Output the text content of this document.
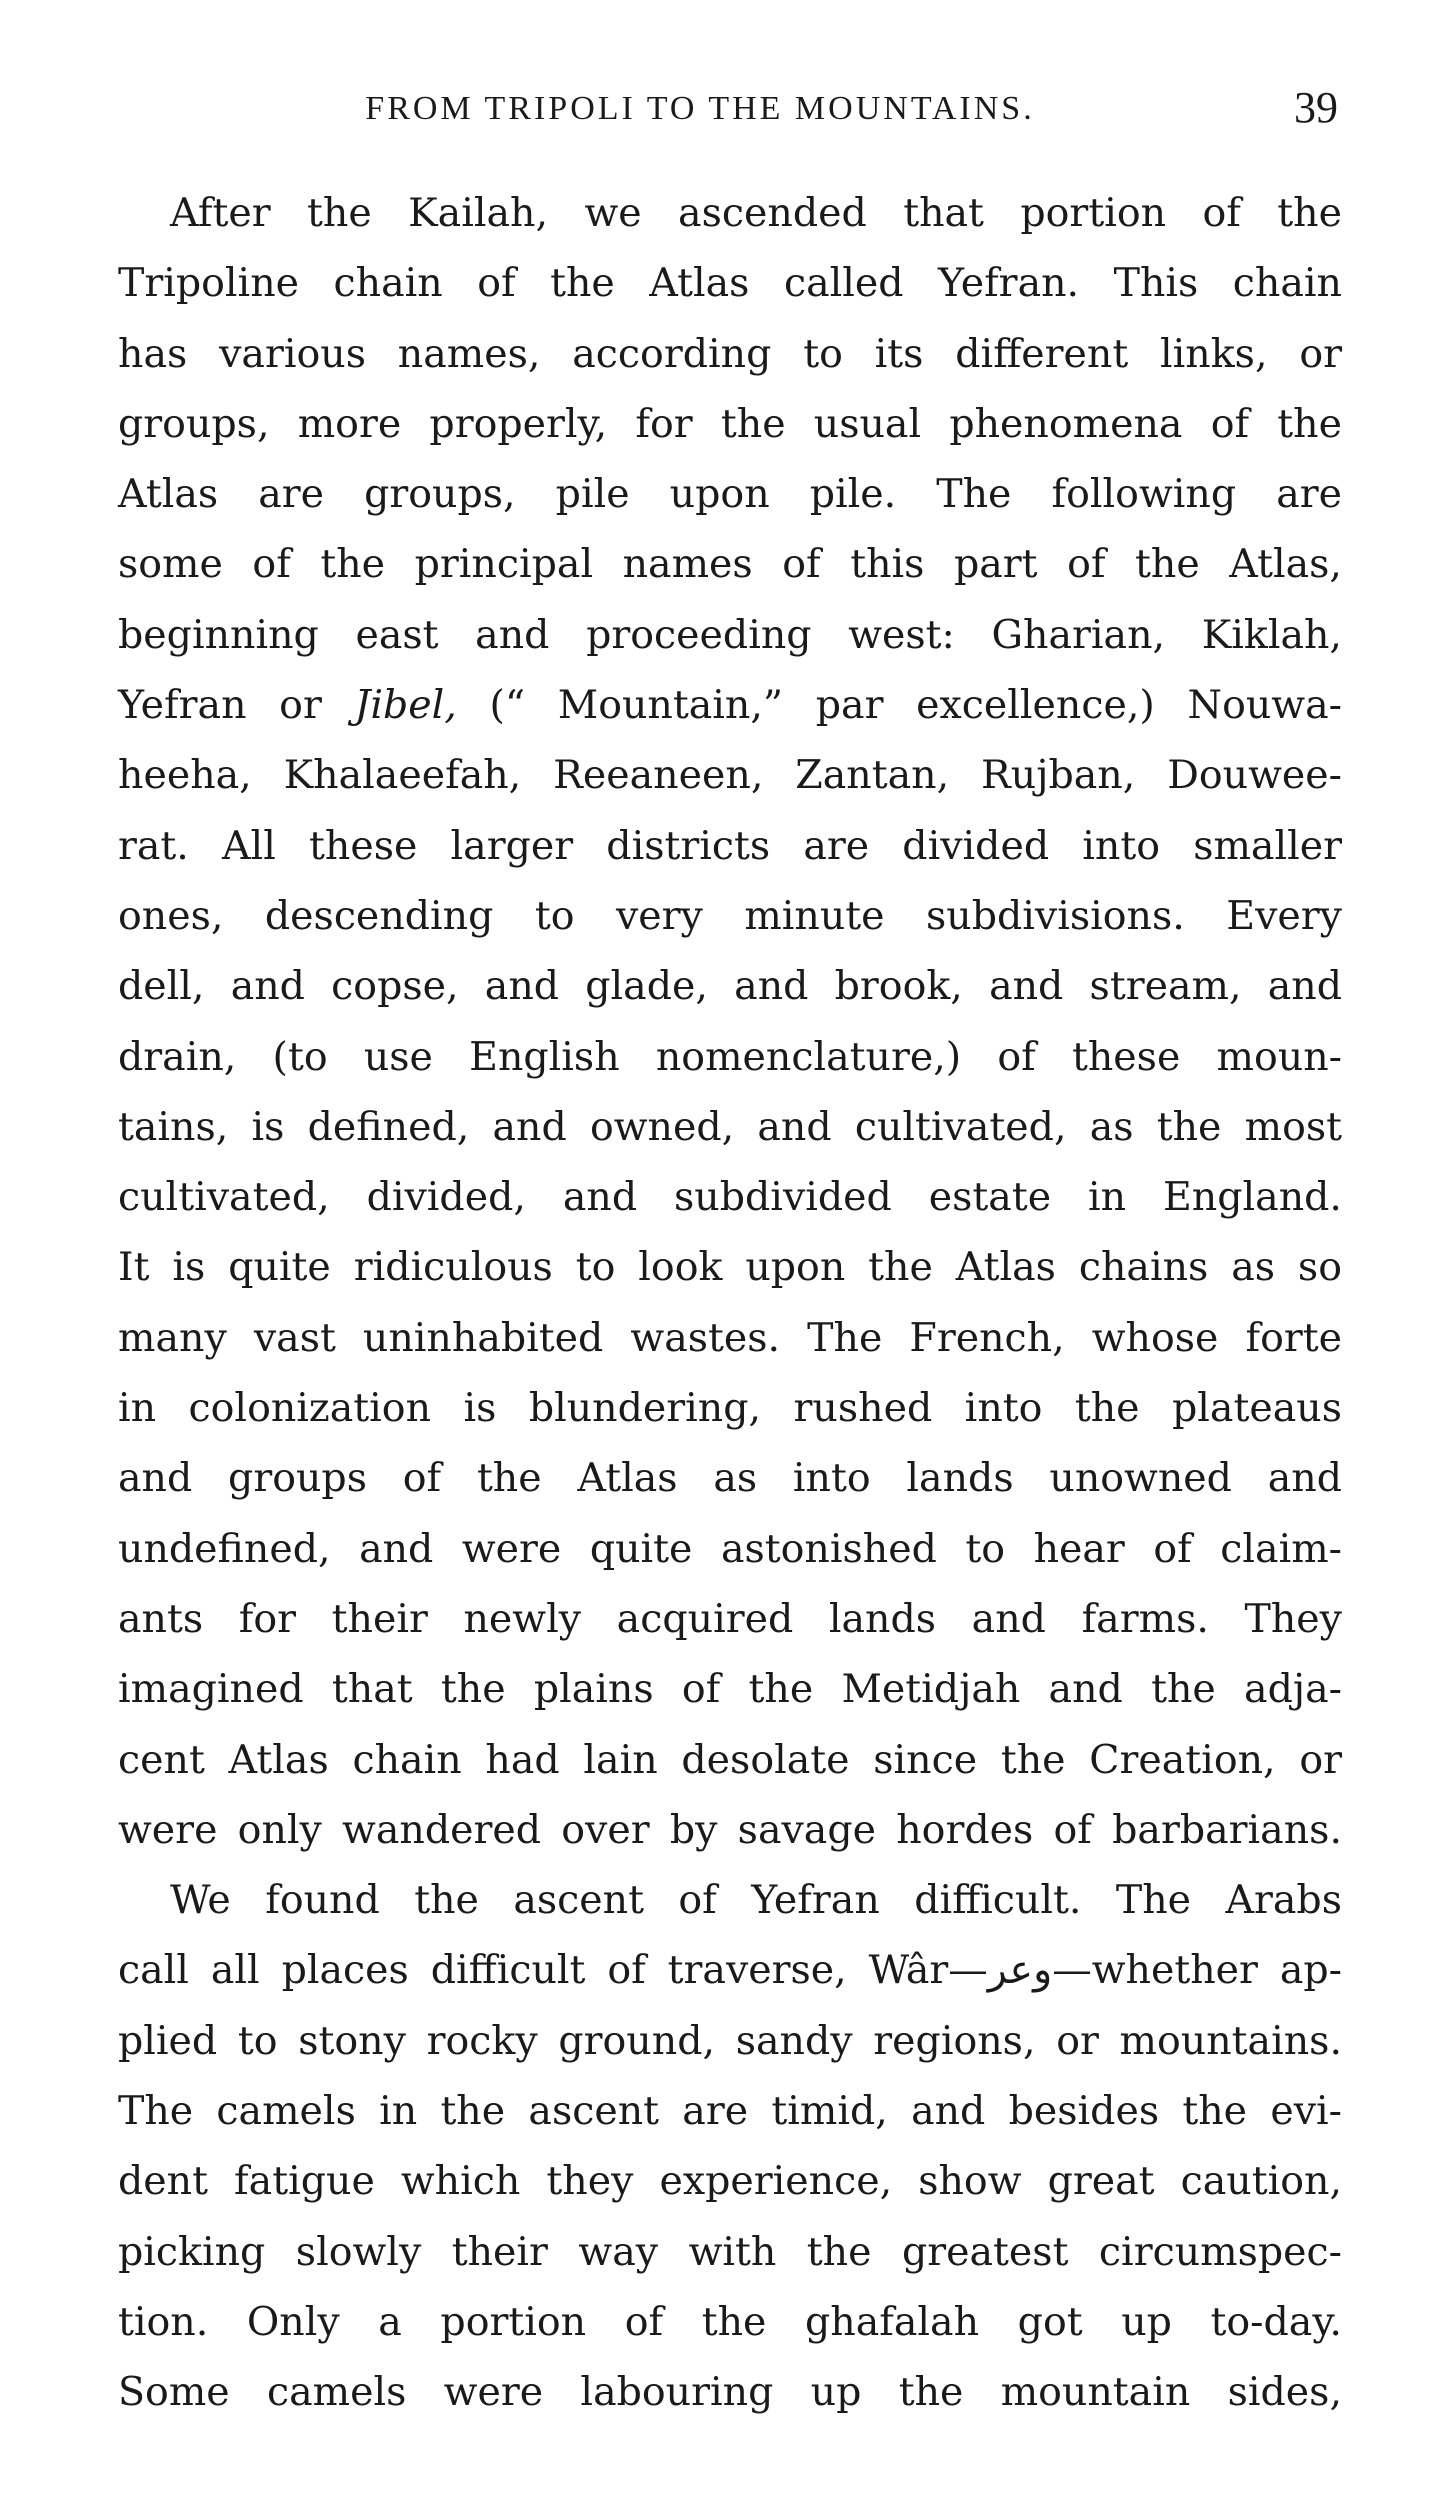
FROM TRIPOLI TO THE MOUNTAINS.	39
After the Kailah, we ascended that portion of the
Tripoline chain of the Atlas called Yefran. This chain
has various names, according to its different links, or
groups, more properly, for the usual phenomena of the
Atlas are groups, pile upon pile. The following are
some of the principal names of this part of the Atlas,
beginning east and proceeding west: Gharian, Kiklah,
Yefran or Jibel, (“ Mountain,” par excellence,) Nouwa-
heeha, Khalaeefah, Reeaneen, Zantan, Rujban, Douwee-
rat. All these larger districts are divided into smaller
ones, descending to very minute subdivisions. Every
dell, and copse, and glade, and brook, and stream, and
drain, (to use English nomenclature,) of these moun-
tains, is defined, and owned, and cultivated, as the most
cultivated, divided, and subdivided estate in England.
It is quite ridiculous to look upon the Atlas chains as so
many vast uninhabited wastes. The French, whose forte
in colonization is blundering, rushed into the plateaus
and groups of the Atlas as into lands unowned and
undefined, and were quite astonished to hear of claim-
ants for their newly acquired lands and farms. They
imagined that the plains of the Metidjah and the adja-
cent Atlas chain had lain desolate since the Creation, or
were only wandered over by savage hordes of barbarians.
We found the ascent of Yefran difficult. The Arabs
call all places difficult of traverse, Wâr—وعر—whether ap-
plied to stony rocky ground, sandy regions, or mountains.
The camels in the ascent are timid, and besides the evi-
dent fatigue which they experience, show great caution,
picking slowly their way with the greatest circumspec-
tion. Only a portion of the ghafalah got up to-day.
Some camels were labouring up the mountain sides,
